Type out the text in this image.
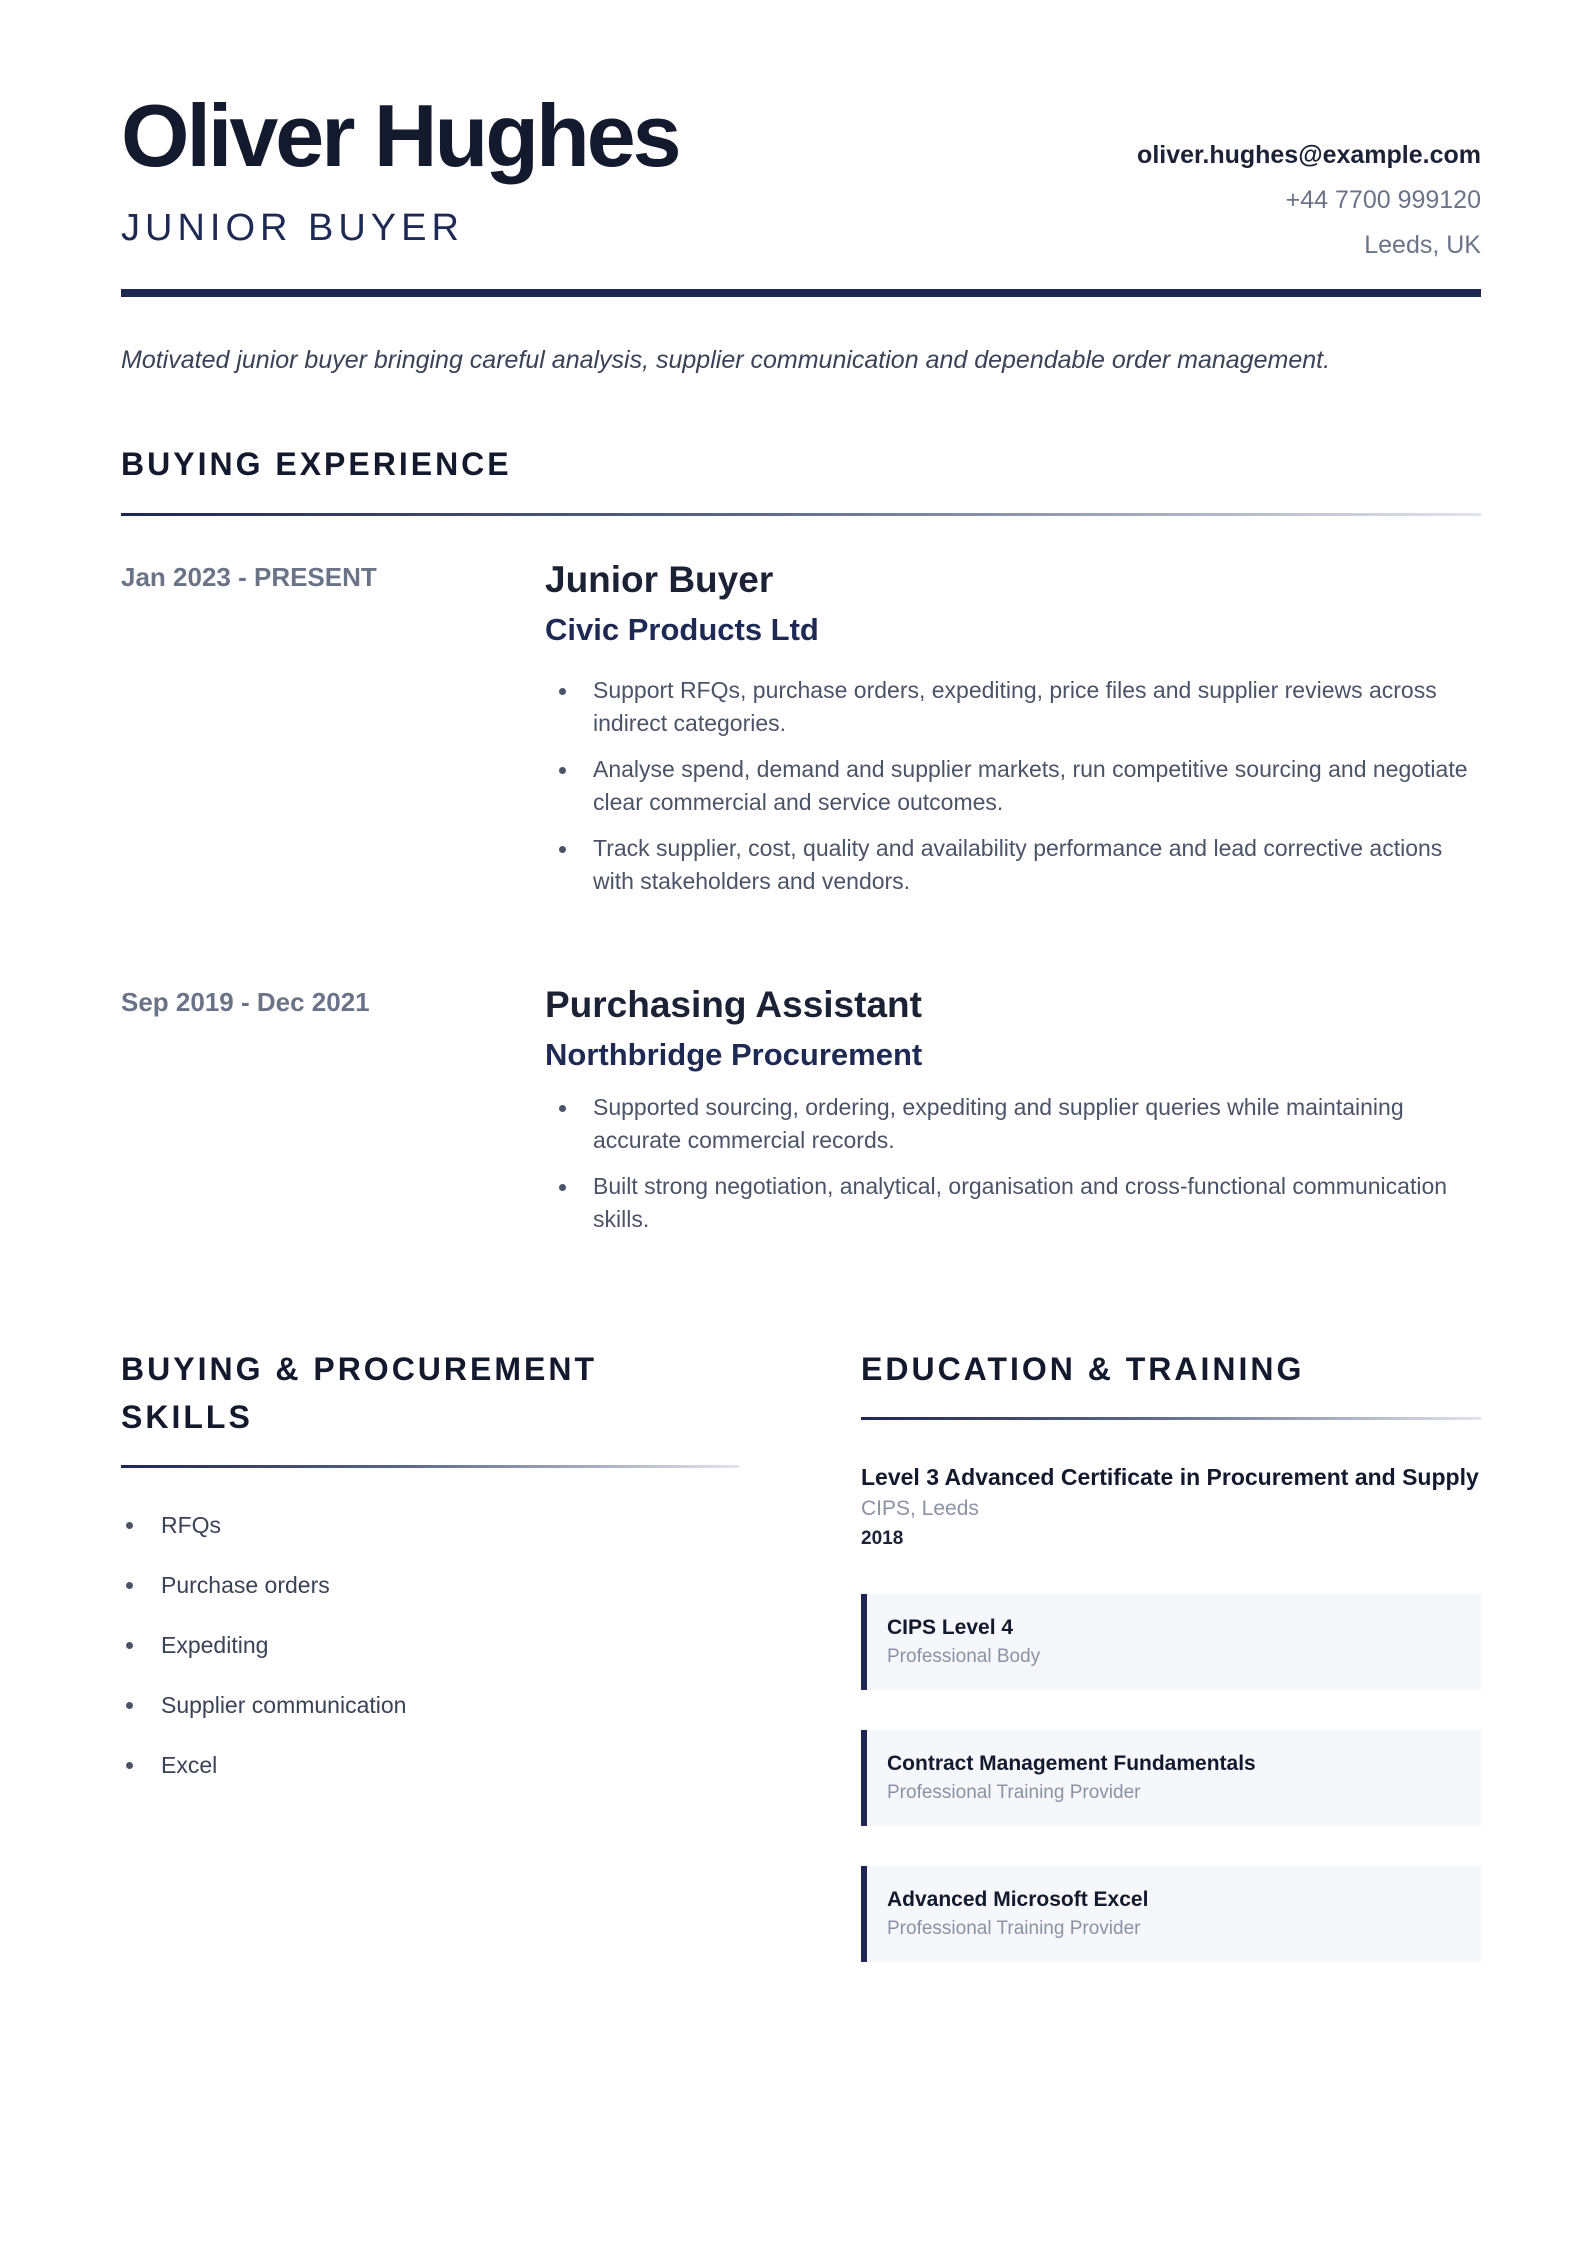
Oliver Hughes
JUNIOR BUYER
oliver.hughes@example.com
+44 7700 999120
Leeds, UK
Motivated junior buyer bringing careful analysis, supplier communication and dependable order management.
BUYING EXPERIENCE
Jan 2023 - PRESENT	Junior Buyer
Civic Products Ltd
Support RFQs, purchase orders, expediting, price files and supplier reviews across indirect categories.
Analyse spend, demand and supplier markets, run competitive sourcing and negotiate clear commercial and service outcomes.
Track supplier, cost, quality and availability performance and lead corrective actions with stakeholders and vendors.
Sep 2019 - Dec 2021	Purchasing Assistant
Northbridge Procurement
Supported sourcing, ordering, expediting and supplier queries while maintaining accurate commercial records.
Built strong negotiation, analytical, organisation and cross-functional communication skills.
BUYING & PROCUREMENT SKILLS
RFQs
Purchase orders
Expediting
Supplier communication
Excel
EDUCATION & TRAINING
Level 3 Advanced Certificate in Procurement and Supply
CIPS, Leeds
2018
CIPS Level 4
Professional Body
Contract Management Fundamentals
Professional Training Provider
Advanced Microsoft Excel
Professional Training Provider
